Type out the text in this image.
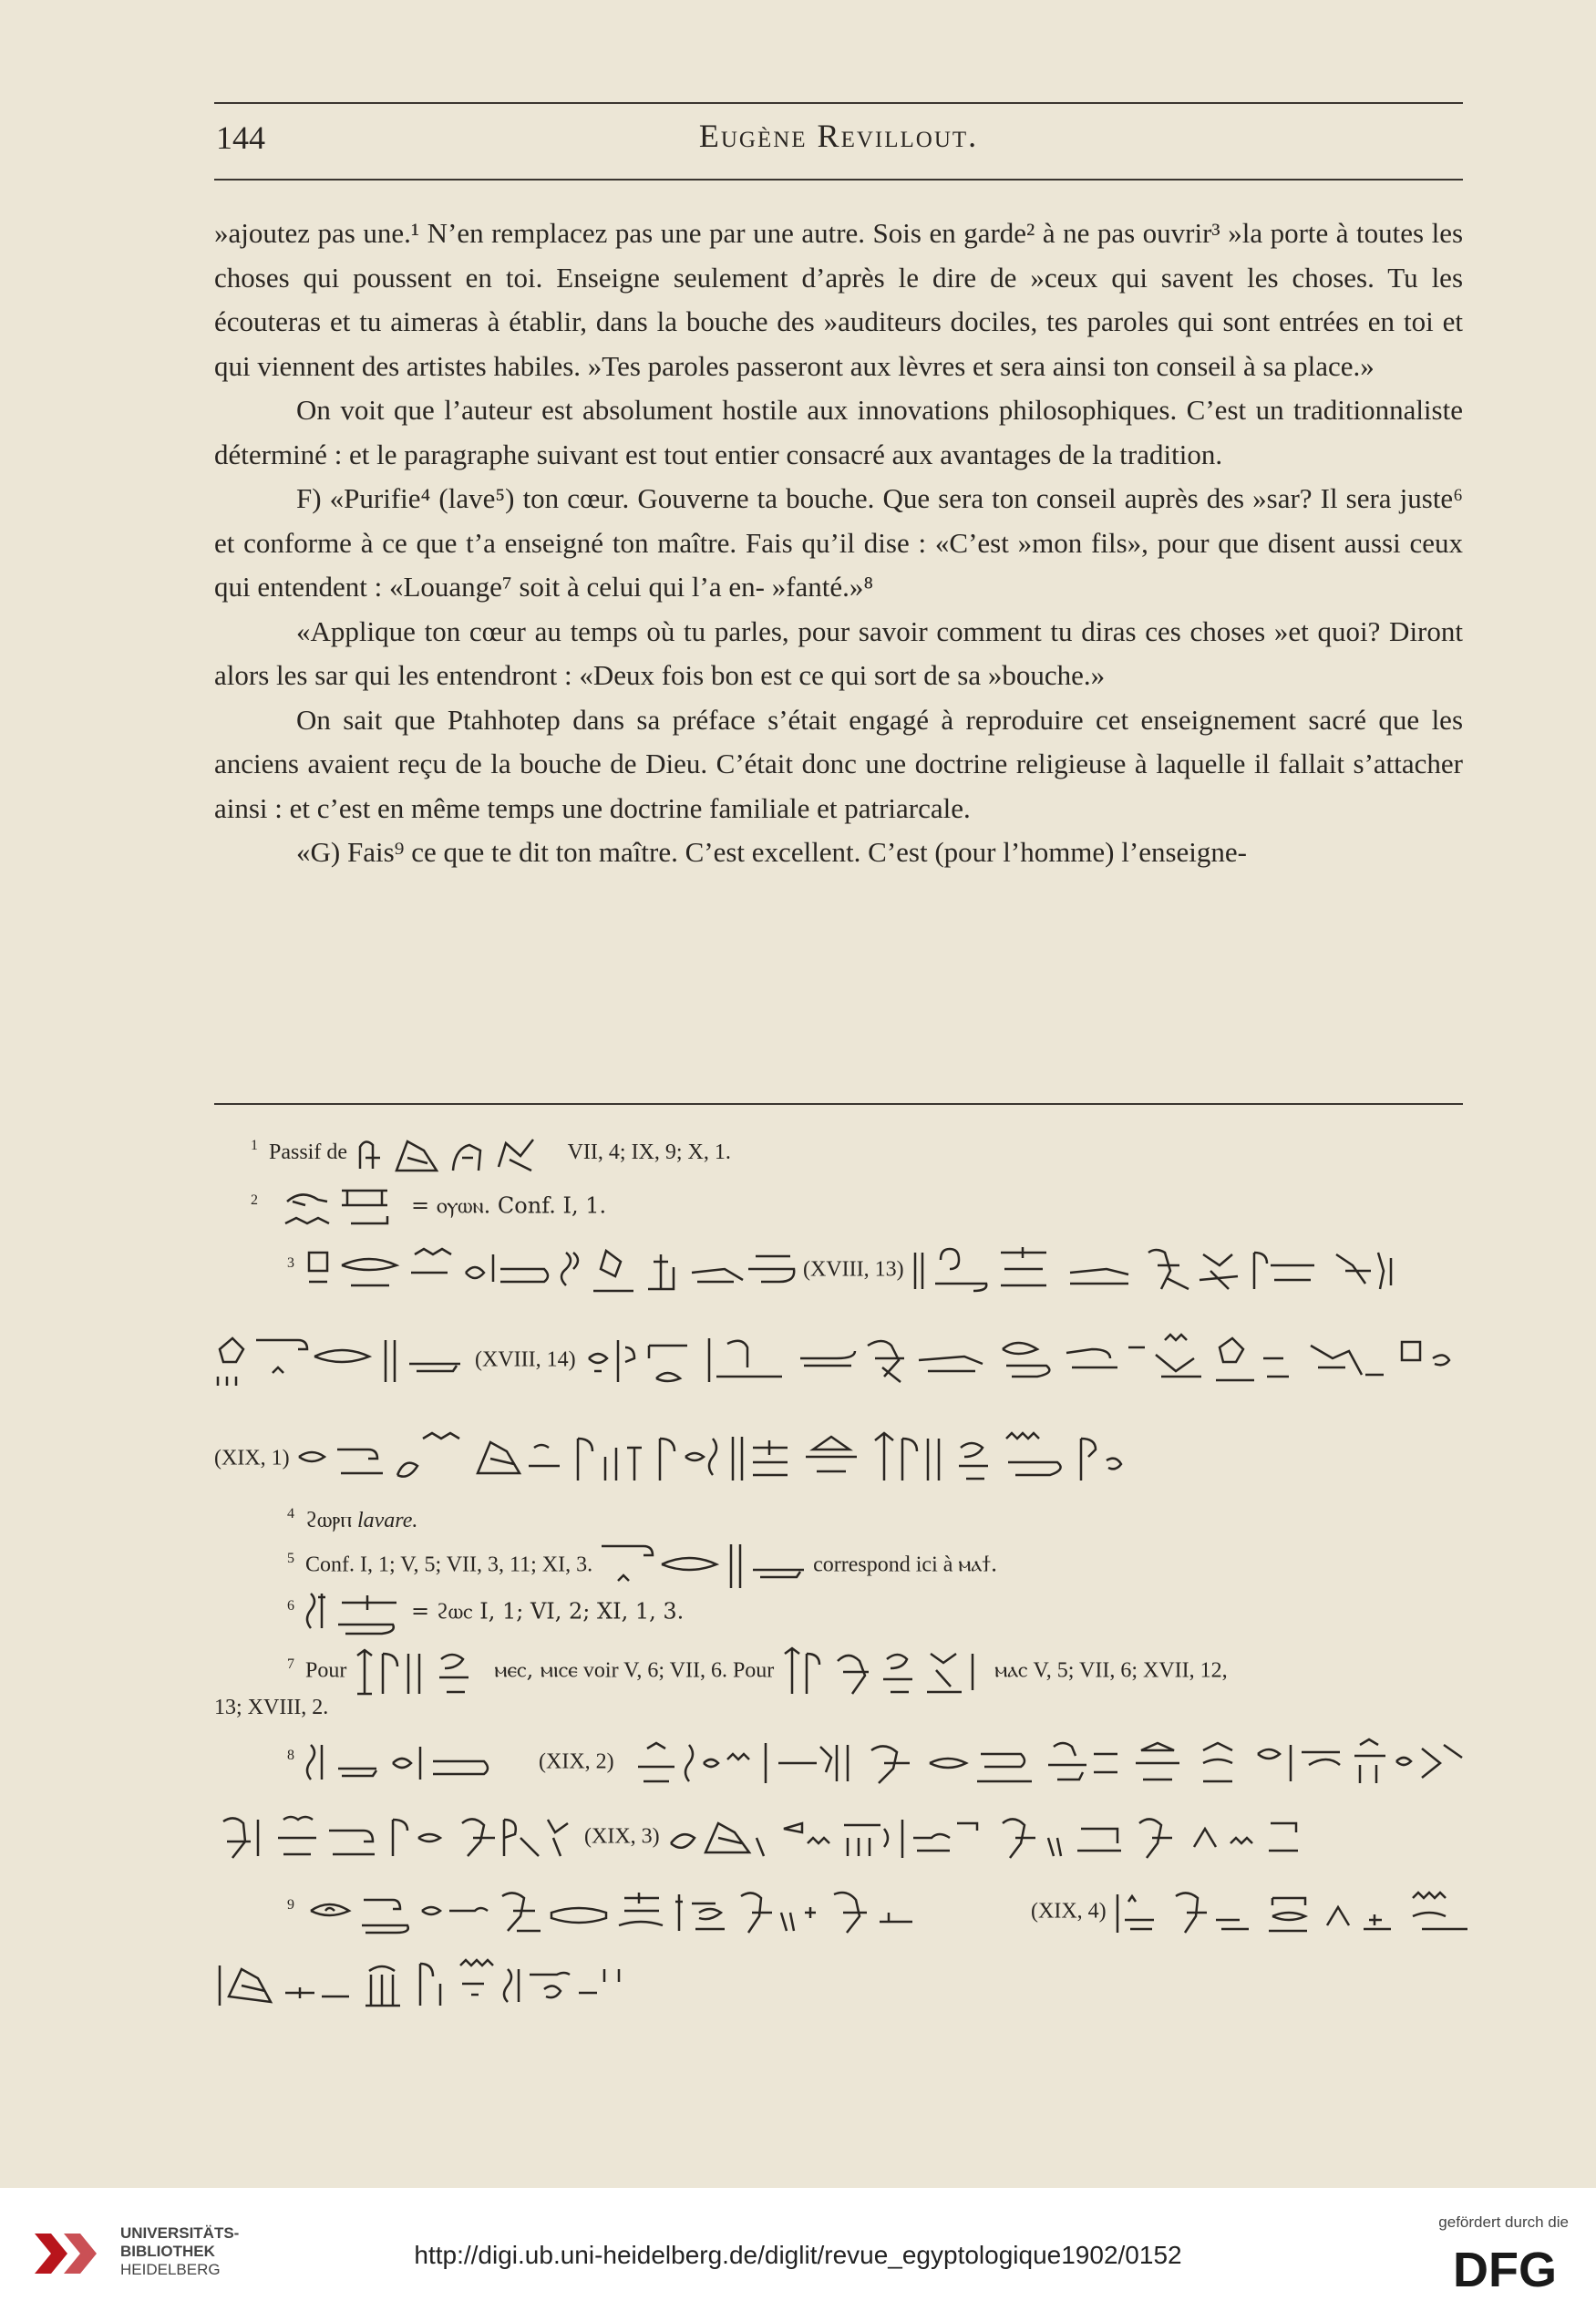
144	Eugène Revillout.

»ajoutez pas une.¹ N’en remplacez pas une par une autre. Sois en garde² à ne pas ouvrir³ »la porte à toutes les choses qui poussent en toi. Enseigne seulement d’après le dire de »ceux qui savent les choses. Tu les écouteras et tu aimeras à établir, dans la bouche des »auditeurs dociles, tes paroles qui sont entrées en toi et qui viennent des artistes habiles. »Tes paroles passeront aux lèvres et sera ainsi ton conseil à sa place.»

On voit que l’auteur est absolument hostile aux innovations philosophiques. C’est un traditionnaliste déterminé : et le paragraphe suivant est tout entier consacré aux avantages de la tradition.

F) «Purifie⁴ (lave⁵) ton cœur. Gouverne ta bouche. Que sera ton conseil auprès des »sar? Il sera juste⁶ et conforme à ce que t’a enseigné ton maître. Fais qu’il dise : «C’est »mon fils», pour que disent aussi ceux qui entendent : «Louange⁷ soit à celui qui l’a en- »fanté.»⁸

«Applique ton cœur au temps où tu parles, pour savoir comment tu diras ces choses »et quoi? Diront alors les sar qui les entendront : «Deux fois bon est ce qui sort de sa »bouche.»

On sait que Ptahhotep dans sa préface s’était engagé à reproduire cet enseignement sacré que les anciens avaient reçu de la bouche de Dieu. C’était donc une doctrine religieuse à laquelle il fallait s’attacher ainsi : et c’est en même temps une doctrine familiale et patriarcale.

«G) Fais⁹ ce que te dit ton maître. C’est excellent. C’est (pour l’homme) l’enseigne-

1 Passif de	VII, 4; IX, 9; X, 1.
2	= ⲟⲩⲱⲛ. Conf. I, 1.
3	(XVIII, 13)
(XVIII, 14)
(XIX, 1)
4 ϩⲱⲣⲡ lavare.
5 Conf. I, 1; V, 5; VII, 3, 11; XI, 3.	correspond ici à ⲙⲁϯ.
6	= ϩⲱⲥ I, 1; VI, 2; XI, 1, 3.
7 Pour	ⲙⲉⲥ, ⲙⲓⲥⲉ voir V, 6; VII, 6. Pour	ⲙⲁⲥ V, 5; VII, 6; XVII, 12,
13; XVIII, 2.
8	(XIX, 2)
(XIX, 3)
9	(XIX, 4)
UNIVERSITÄTS-
BIBLIOTHEK
HEIDELBERG
http://digi.ub.uni-heidelberg.de/diglit/revue_egyptologique1902/0152
gefördert durch die
DFG
